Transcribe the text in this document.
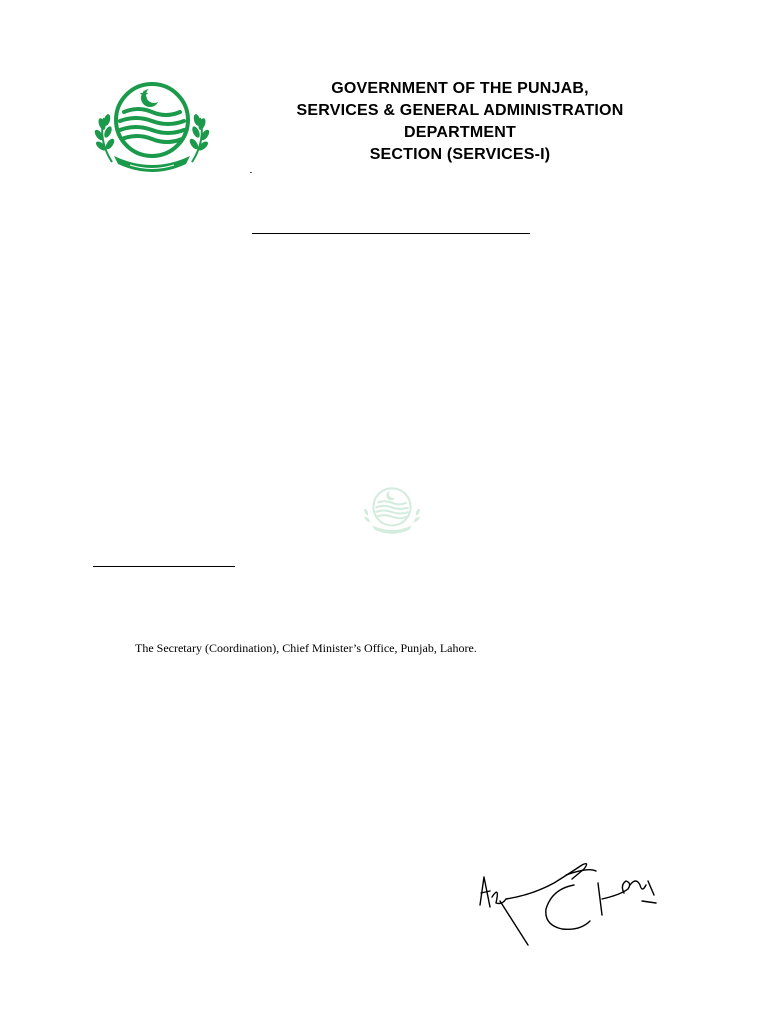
GOVERNMENT OF THE PUNJAB,
SERVICES & GENERAL ADMINISTRATION
DEPARTMENT
SECTION (SERVICES-I)
The Secretary (Coordination), Chief Minister’s Office, Punjab, Lahore.
